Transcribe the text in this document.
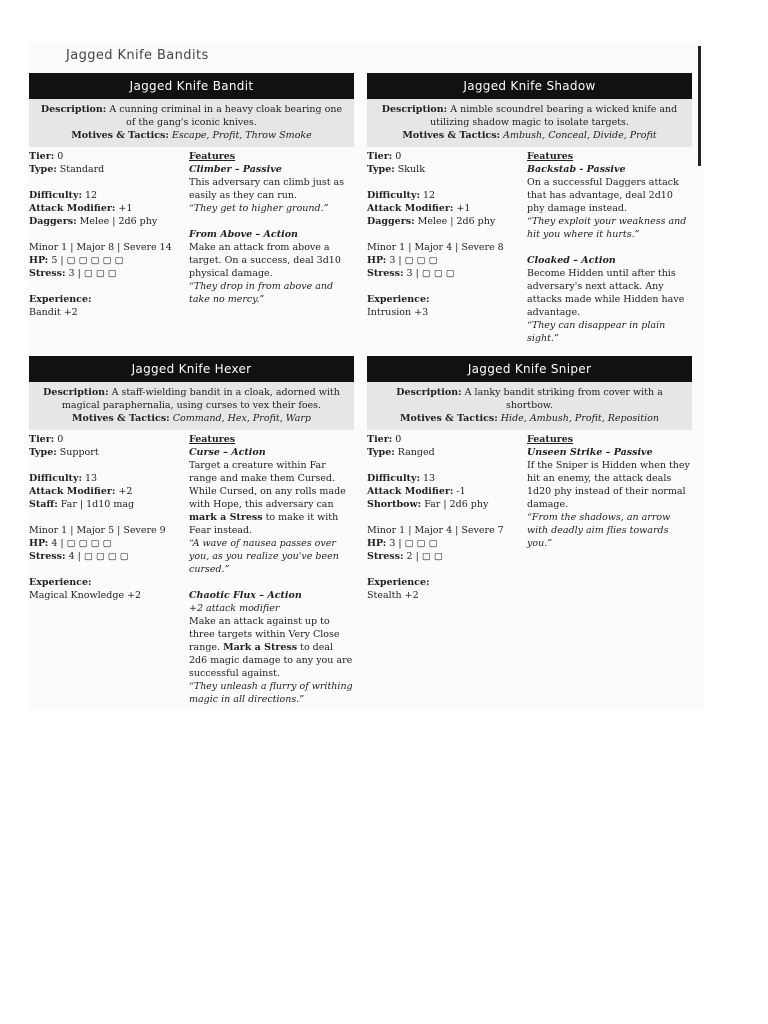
Jagged Knife Bandits
Jagged Knife Bandit
Description: A cunning criminal in a heavy cloak bearing one of the gang's iconic knives.
Motives & Tactics: Escape, Profit, Throw Smoke
Tier: 0
Type: Standard
Difficulty: 12
Attack Modifier: +1
Daggers: Melee | 2d6 phy
Minor 1 | Major 8 | Severe 14
HP: 5 | ▢ ▢ ▢ ▢ ▢
Stress: 3 | ▢ ▢ ▢
Experience:
Bandit +2
Features
Climber – Passive
This adversary can climb just as easily as they can run.
“They get to higher ground.”
From Above – Action
Make an attack from above a target. On a success, deal 3d10 physical damage.
“They drop in from above and take no mercy.”
Jagged Knife Shadow
Description: A nimble scoundrel bearing a wicked knife and utilizing shadow magic to isolate targets.
Motives & Tactics: Ambush, Conceal, Divide, Profit
Tier: 0
Type: Skulk
Difficulty: 12
Attack Modifier: +1
Daggers: Melee | 2d6 phy
Minor 1 | Major 4 | Severe 8
HP: 3 | ▢ ▢ ▢
Stress: 3 | ▢ ▢ ▢
Experience:
Intrusion +3
Features
Backstab - Passive
On a successful Daggers attack that has advantage, deal 2d10 phy damage instead.
“They exploit your weakness and hit you where it hurts.”
Cloaked – Action
Become Hidden until after this adversary's next attack. Any attacks made while Hidden have advantage.
“They can disappear in plain sight.”
Jagged Knife Hexer
Description: A staff-wielding bandit in a cloak, adorned with magical paraphernalia, using curses to vex their foes.
Motives & Tactics: Command, Hex, Profit, Warp
Tier: 0
Type: Support
Difficulty: 13
Attack Modifier: +2
Staff: Far | 1d10 mag
Minor 1 | Major 5 | Severe 9
HP: 4 | ▢ ▢ ▢ ▢
Stress: 4 | ▢ ▢ ▢ ▢
Experience:
Magical Knowledge +2
Features
Curse – Action
Target a creature within Far range and make them Cursed. While Cursed, on any rolls made with Hope, this adversary can mark a Stress to make it with Fear instead.
“A wave of nausea passes over you, as you realize you've been cursed.”
Chaotic Flux – Action
+2 attack modifier
Make an attack against up to three targets within Very Close range. Mark a Stress to deal 2d6 magic damage to any you are successful against.
“They unleash a flurry of writhing magic in all directions.”
Jagged Knife Sniper
Description: A lanky bandit striking from cover with a shortbow.
Motives & Tactics: Hide, Ambush, Profit, Reposition
Tier: 0
Type: Ranged
Difficulty: 13
Attack Modifier: -1
Shortbow: Far | 2d6 phy
Minor 1 | Major 4 | Severe 7
HP: 3 | ▢ ▢ ▢
Stress: 2 | ▢ ▢
Experience:
Stealth +2
Features
Unseen Strike – Passive
If the Sniper is Hidden when they hit an enemy, the attack deals 1d20 phy instead of their normal damage.
“From the shadows, an arrow with deadly aim flies towards you.”
